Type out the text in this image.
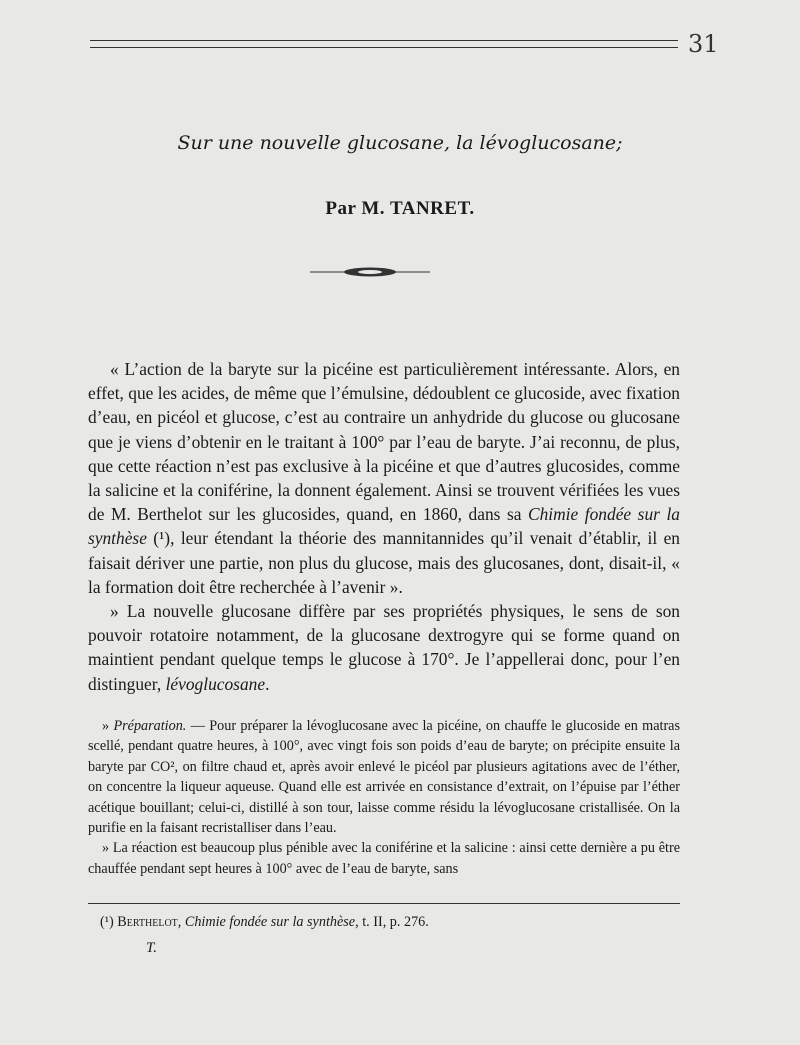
31
Sur une nouvelle glucosane, la lévoglucosane;
Par M. TANRET.

« L’action de la baryte sur la picéine est particulièrement intéressante. Alors, en effet, que les acides, de même que l’émulsine, dédoublent ce glucoside, avec fixation d’eau, en picéol et glucose, c’est au contraire un anhydride du glucose ou glucosane que je viens d’obtenir en le traitant à 100° par l’eau de baryte. J’ai reconnu, de plus, que cette réaction n’est pas exclusive à la picéine et que d’autres glucosides, comme la salicine et la coniférine, la donnent également. Ainsi se trouvent vérifiées les vues de M. Berthelot sur les glucosides, quand, en 1860, dans sa Chimie fondée sur la synthèse (¹), leur étendant la théorie des mannitannides qu’il venait d’établir, il en faisait dériver une partie, non plus du glucose, mais des glucosanes, dont, disait-il, « la formation doit être recherchée à l’avenir ».

» La nouvelle glucosane diffère par ses propriétés physiques, le sens de son pouvoir rotatoire notamment, de la glucosane dextrogyre qui se forme quand on maintient pendant quelque temps le glucose à 170°. Je l’appellerai donc, pour l’en distinguer, lévoglucosane.

» Préparation. — Pour préparer la lévoglucosane avec la picéine, on chauffe le glucoside en matras scellé, pendant quatre heures, à 100°, avec vingt fois son poids d’eau de baryte; on précipite ensuite la baryte par CO², on filtre chaud et, après avoir enlevé le picéol par plusieurs agitations avec de l’éther, on concentre la liqueur aqueuse. Quand elle est arrivée en consistance d’extrait, on l’épuise par l’éther acétique bouillant; celui-ci, distillé à son tour, laisse comme résidu la lévoglucosane cristallisée. On la purifie en la faisant recristalliser dans l’eau.

» La réaction est beaucoup plus pénible avec la coniférine et la salicine : ainsi cette dernière a pu être chauffée pendant sept heures à 100° avec de l’eau de baryte, sans

(¹) Berthelot, Chimie fondée sur la synthèse, t. II, p. 276.
T.
